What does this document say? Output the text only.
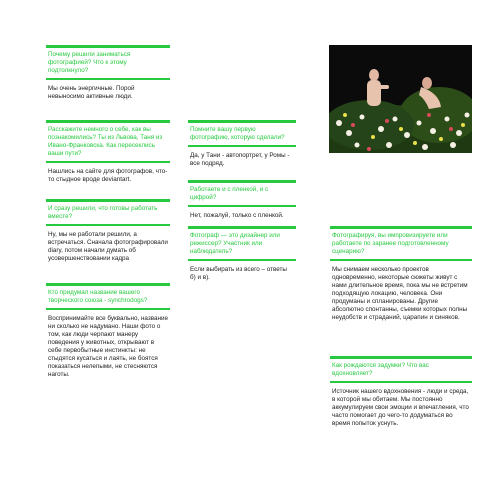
Почему решили заниматься фотографией? Что к этому подтолкнуло?
Мы очень энергичные. Порой невыносимо активные люди.
Расскажите немного о себе, как вы познакомились? Ты из Львова, Таня из Ивано-Франковска. Как пересеклись ваши пути?
Нашлись на сайте для фотографов, что-то стыдное вроде deviantart.
И сразу решили, что готовы работать вместе?
Ну, мы не работали решили, а встречаться. Сначала фотографировали diary, потом начали думать об усовершенствовании кадра
Кто придумал название вашего творческого союза - synchrodogs?
Воспринимайте все буквально, название ни сколько не надумано. Наши фото о том, как люди черпают манеру поведения у животных, открывают в себе первобытные инстинкты: не стыдятся кусаться и лаять, не боятся показаться нелепыми, не стесняются наготы.
Помните вашу первую фотографию, которую сделали?
Да, у Тани - автопортрет, у Ромы - все подряд.
Работаете и с пленкой, и с цифрой?
Нет, пожалуй, только с пленкой.
Фотограф — это дизайнер или режиссер? Участник или наблюдатель?
Если выбирать из всего – ответы б) и в).
Фотографируя, вы импровизируете или работаете по заранее подготовленному сценарию?
Мы снимаем несколько проектов одновременно, некоторые сюжеты живут с нами длительное время, пока мы не встретим подходящую локацию, человека. Они продуманы и спланированы. Другие абсолютно спонтанны, съемки которых полны неудобств и страданий, царапин и синяков.
Как рождаются задумки? Что вас вдохновляет?
Источник нашего вдохновения - люди и среда, в которой мы обитаем. Мы постоянно аккумулируем свои эмоции и впечатления, что часто помогает до чего-то додуматься во время попыток уснуть.
